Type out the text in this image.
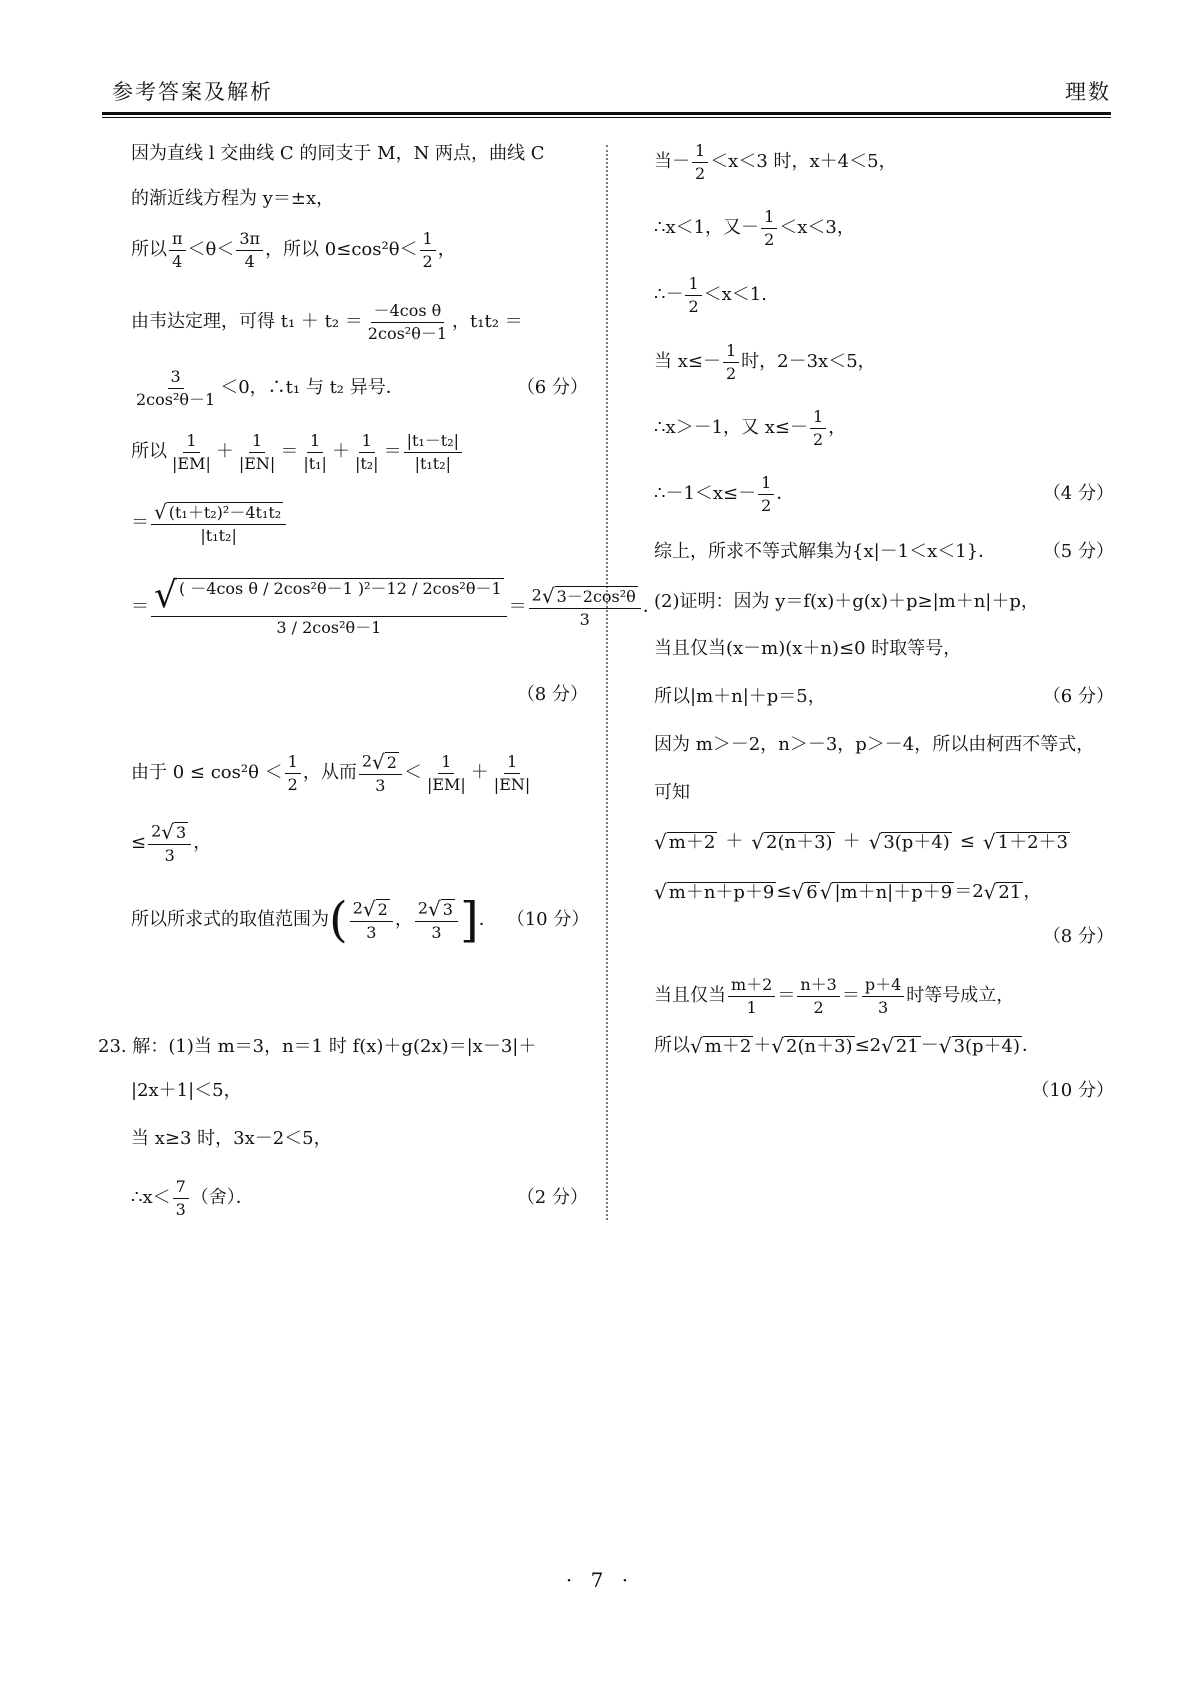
参考答案及解析	理数
因为直线 l 交曲线 C 的同支于 M，N 两点，曲线 C
的渐近线方程为 y＝±x，
所以 $\frac{\pi}{4} <\theta< \frac{3\pi}{4}$ ，所以 $0\le\cos^2\theta< \frac{1}{2}$ ，
由韦达定理，可得 $t_1 + t_2 = \frac{\text{－4cos θ}}{\text{2cos²θ－1}}$ ，t₁t₂ ＝
$\frac{3}{\text{2cos²θ－1}} <0$，∴t₁ 与 t₂ 异号．	（6 分）
所以 $\frac{1}{|EM|} + \frac{1}{|EN|} = \frac{1}{\text{|t₁|}} + \frac{1}{\text{|t₂|}} = \frac{\text{|t₁－t₂|}}{\text{|t₁t₂|}}$
＝ $\frac{\text{√ (t₁＋t₂)²－4t₁t₂}}{\text{|t₁t₂|}}$
＝ $\frac{\text{√ ( －4cos θ / 2cos²θ－1 )²－12 / 2cos²θ－1}}{\text{3 / 2cos²θ－1}} = \frac{\text{2 √ 3－2cos²θ}}{3}$ ．
（8 分）
由于 $0 \le \cos^2\theta < \frac{1}{2}$ ，从而 $\frac{2 √ 2}{3} < \frac{1}{|EM|} + \frac{1}{|EN|}$
≤ $\frac{2 √ 3}{3}$ ，
所以所求式的取值范围为 ( $\frac{2 √ 2}{3}$ ， $\frac{2 √ 3}{3}$ ] ． （10 分）
23. 解：(1)当 m＝3，n＝1 时 f(x)＋g(2x)＝|x－3|＋
|2x＋1|＜5，
当 x≥3 时，3x－2＜5，
∴x＜ $\frac{7}{3}$ （舍）．	（2 分）
当－ $\frac{1}{2} <x<3$ 时，x＋4＜5，
∴x＜1，又－ $\frac{1}{2} <x<3$，
∴－ $\frac{1}{2} <x<1$.
当 $x\le- \frac{1}{2}$ 时，2－3x＜5，
∴x＞－1，又 $x\le- \frac{1}{2}$ ，
∴－1＜x≤－ $\frac{1}{2}$ ．	（4 分）
综上，所求不等式解集为{x|－1＜x＜1}．	（5 分）
(2)证明：因为 y＝f(x)＋g(x)＋p≥|m＋n|＋p，
当且仅当(x－m)(x＋n)≤0 时取等号，
所以|m＋n|＋p＝5，	（6 分）
因为 m＞－2，n＞－3，p＞－4，所以由柯西不等式，
可知
√ m＋2 ＋ √ 2(n＋3) ＋ √ 3(p＋4) ≤ √ 1＋2＋3
√ m＋n＋p＋9 ≤ √ 6 √ |m＋n|＋p＋9 ＝2 √ 21 ，
（8 分）
当且仅当 $\frac{m+2}{1} = \frac{n+3}{2} = \frac{p+4}{3}$ 时等号成立，
所以 √ m＋2 ＋ √ 2(n＋3) ≤2 √ 21 － √ 3(p＋4) ．
（10 分）
· 7 ·
